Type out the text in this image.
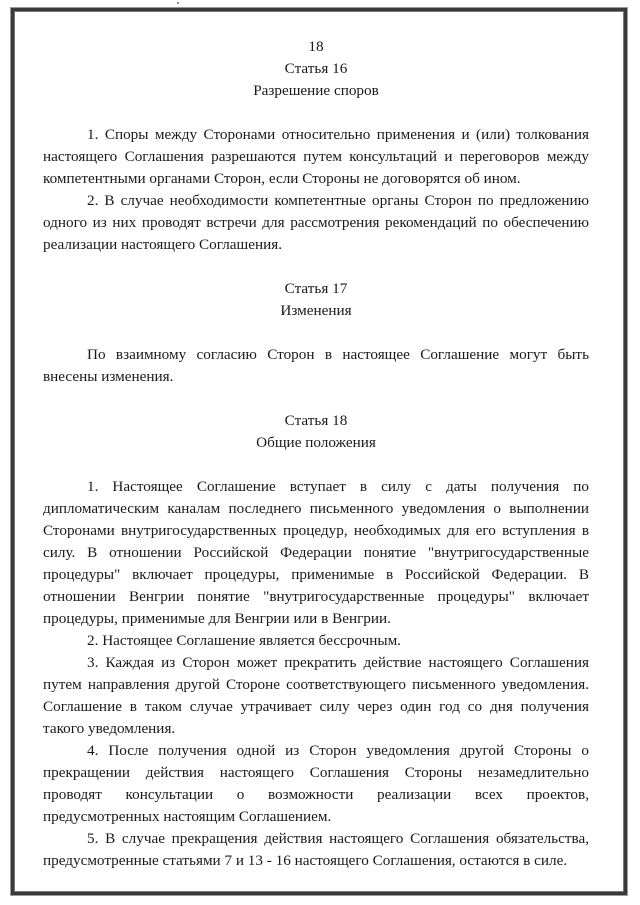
18
Статья 16
Разрешение споров

1. Споры между Сторонами относительно применения и (или) толкования настоящего Соглашения разрешаются путем консультаций и переговоров между компетентными органами Сторон, если Стороны не договорятся об ином.

2. В случае необходимости компетентные органы Сторон по предложению одного из них проводят встречи для рассмотрения рекомендаций по обеспечению реализации настоящего Соглашения.

Статья 17
Изменения

По взаимному согласию Сторон в настоящее Соглашение могут быть внесены изменения.

Статья 18
Общие положения

1. Настоящее Соглашение вступает в силу с даты получения по дипломатическим каналам последнего письменного уведомления о выполнении Сторонами внутригосударственных процедур, необходимых для его вступления в силу. В отношении Российской Федерации понятие "внутригосударственные процедуры" включает процедуры, применимые в Российской Федерации. В отношении Венгрии понятие "внутригосударственные процедуры" включает процедуры, применимые для Венгрии или в Венгрии.

2. Настоящее Соглашение является бессрочным.

3. Каждая из Сторон может прекратить действие настоящего Соглашения путем направления другой Стороне соответствующего письменного уведомления. Соглашение в таком случае утрачивает силу через один год со дня получения такого уведомления.

4. После получения одной из Сторон уведомления другой Стороны о прекращении действия настоящего Соглашения Стороны незамедлительно проводят консультации о возможности реализации всех проектов, предусмотренных настоящим Соглашением.

5. В случае прекращения действия настоящего Соглашения обязательства, предусмотренные статьями 7 и 13 - 16 настоящего Соглашения, остаются в силе.
